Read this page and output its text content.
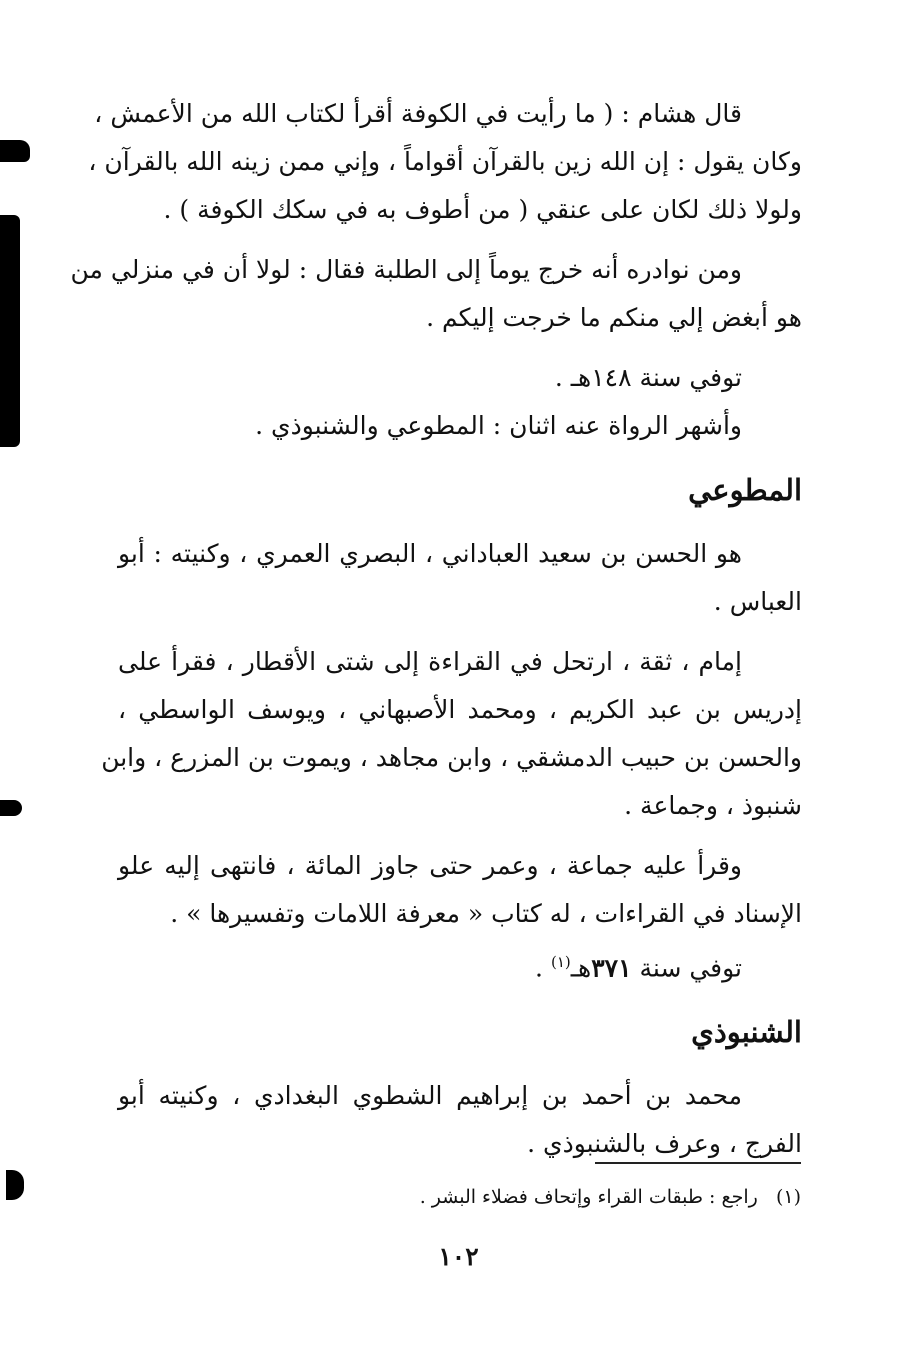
قال هشام : ( ما رأيت في الكوفة أقرأ لكتاب الله من الأعمش ،
وكان يقول : إن الله زين بالقرآن أقواماً ، وإني ممن زينه الله بالقرآن ،
ولولا ذلك لكان على عنقي ( من أطوف به في سكك الكوفة ) .
ومن نوادره أنه خرج يوماً إلى الطلبة فقال : لولا أن في منزلي من
هو أبغض إلي منكم ما خرجت إليكم .
توفي سنة ١٤٨هـ .
وأشهر الرواة عنه اثنان : المطوعي والشنبوذي .
المطوعي
هو الحسن بن سعيد العباداني ، البصري العمري ، وكنيته : أبو
العباس .
إمام ، ثقة ، ارتحل في القراءة إلى شتى الأقطار ، فقرأ على
إدريس بن عبد الكريم ، ومحمد الأصبهاني ، ويوسف الواسطي ،
والحسن بن حبيب الدمشقي ، وابن مجاهد ، ويموت بن المزرع ، وابن
شنبوذ ، وجماعة .
وقرأ عليه جماعة ، وعمر حتى جاوز المائة ، فانتهى إليه علو
الإسناد في القراءات ، له كتاب « معرفة اللامات وتفسيرها » .
توفي سنة ٣٧١هـ$^{(١)}$ .
الشنبوذي
محمد بن أحمد بن إبراهيم الشطوي البغدادي ، وكنيته أبو
الفرج ، وعرف بالشنبوذي .
(١)   راجع : طبقات القراء وإتحاف فضلاء البشر .
١٠٢
